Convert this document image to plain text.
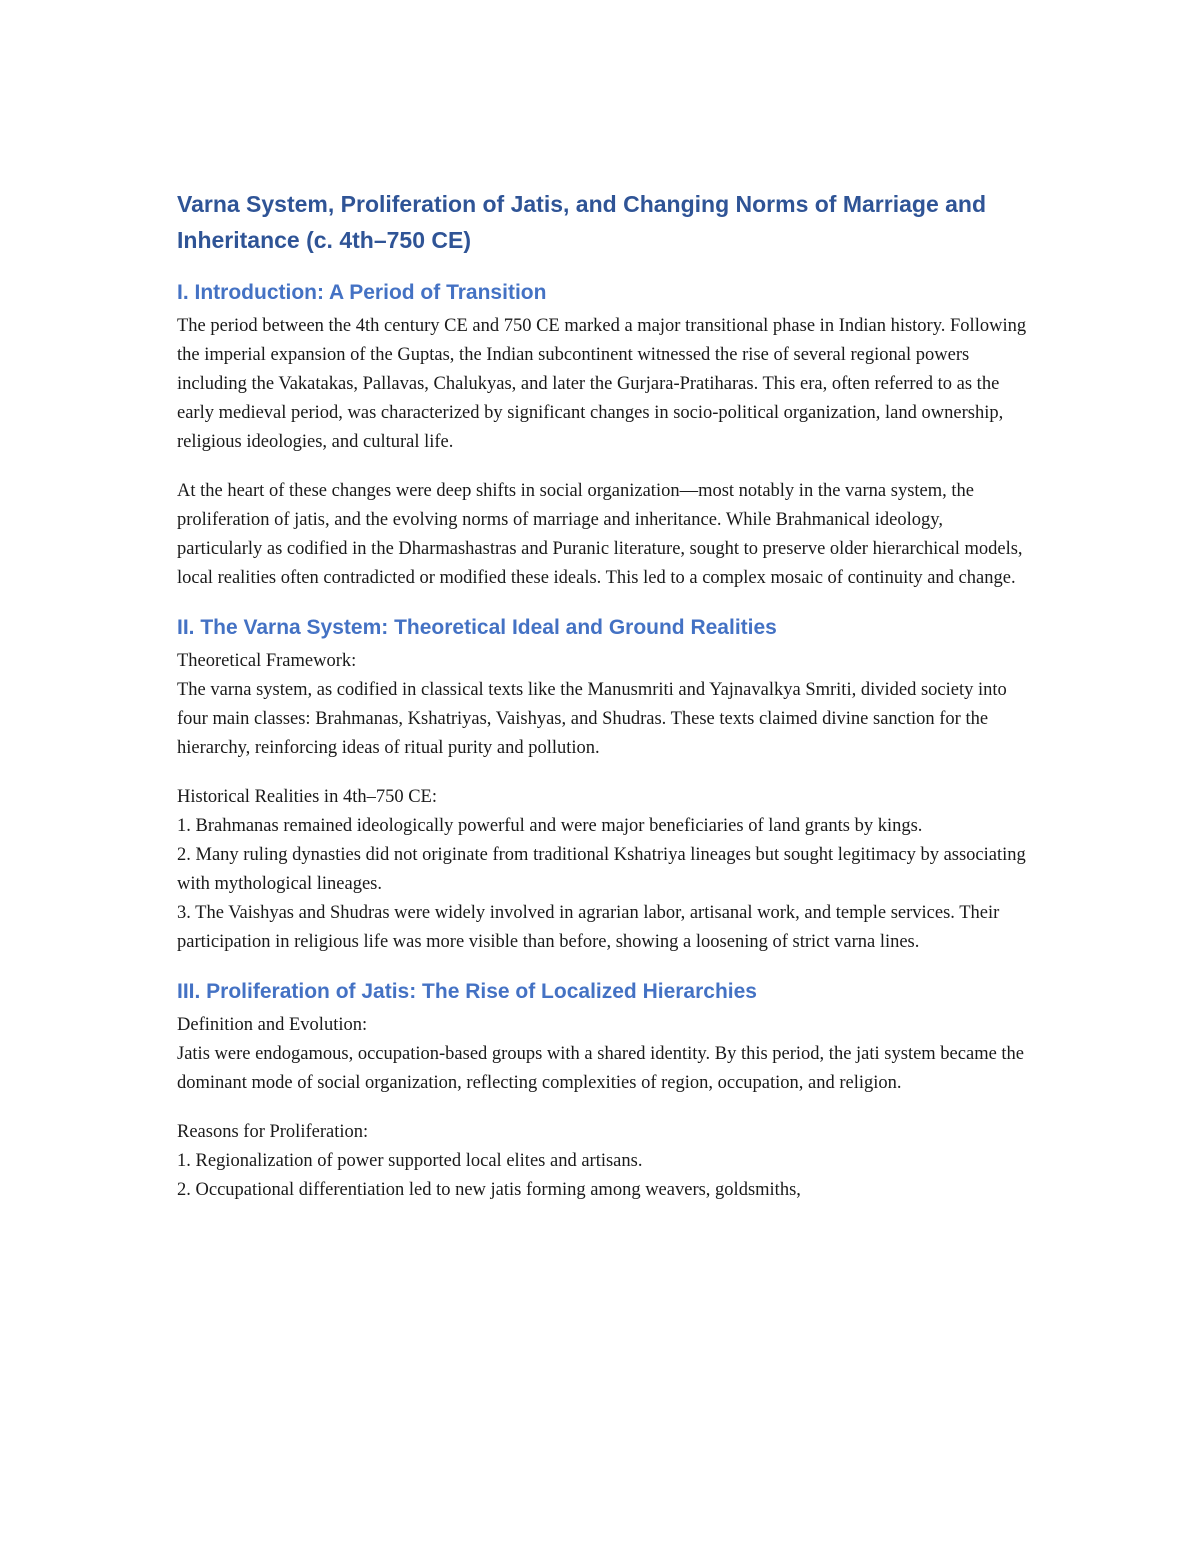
Varna System, Proliferation of Jatis, and Changing Norms of Marriage and Inheritance (c. 4th–750 CE)
I. Introduction: A Period of Transition

The period between the 4th century CE and 750 CE marked a major transitional phase in Indian history. Following the imperial expansion of the Guptas, the Indian subcontinent witnessed the rise of several regional powers including the Vakatakas, Pallavas, Chalukyas, and later the Gurjara-Pratiharas. This era, often referred to as the early medieval period, was characterized by significant changes in socio-political organization, land ownership, religious ideologies, and cultural life.

At the heart of these changes were deep shifts in social organization—most notably in the varna system, the proliferation of jatis, and the evolving norms of marriage and inheritance. While Brahmanical ideology, particularly as codified in the Dharmashastras and Puranic literature, sought to preserve older hierarchical models, local realities often contradicted or modified these ideals. This led to a complex mosaic of continuity and change.

II. The Varna System: Theoretical Ideal and Ground Realities
Theoretical Framework:
The varna system, as codified in classical texts like the Manusmriti and Yajnavalkya Smriti, divided society into four main classes: Brahmanas, Kshatriyas, Vaishyas, and Shudras. These texts claimed divine sanction for the hierarchy, reinforcing ideas of ritual purity and pollution.
Historical Realities in 4th–750 CE:
1. Brahmanas remained ideologically powerful and were major beneficiaries of land grants by kings.
2. Many ruling dynasties did not originate from traditional Kshatriya lineages but sought legitimacy by associating with mythological lineages.
3. The Vaishyas and Shudras were widely involved in agrarian labor, artisanal work, and temple services. Their participation in religious life was more visible than before, showing a loosening of strict varna lines.
III. Proliferation of Jatis: The Rise of Localized Hierarchies
Definition and Evolution:
Jatis were endogamous, occupation-based groups with a shared identity. By this period, the jati system became the dominant mode of social organization, reflecting complexities of region, occupation, and religion.
Reasons for Proliferation:
1. Regionalization of power supported local elites and artisans.
2. Occupational differentiation led to new jatis forming among weavers, goldsmiths,
